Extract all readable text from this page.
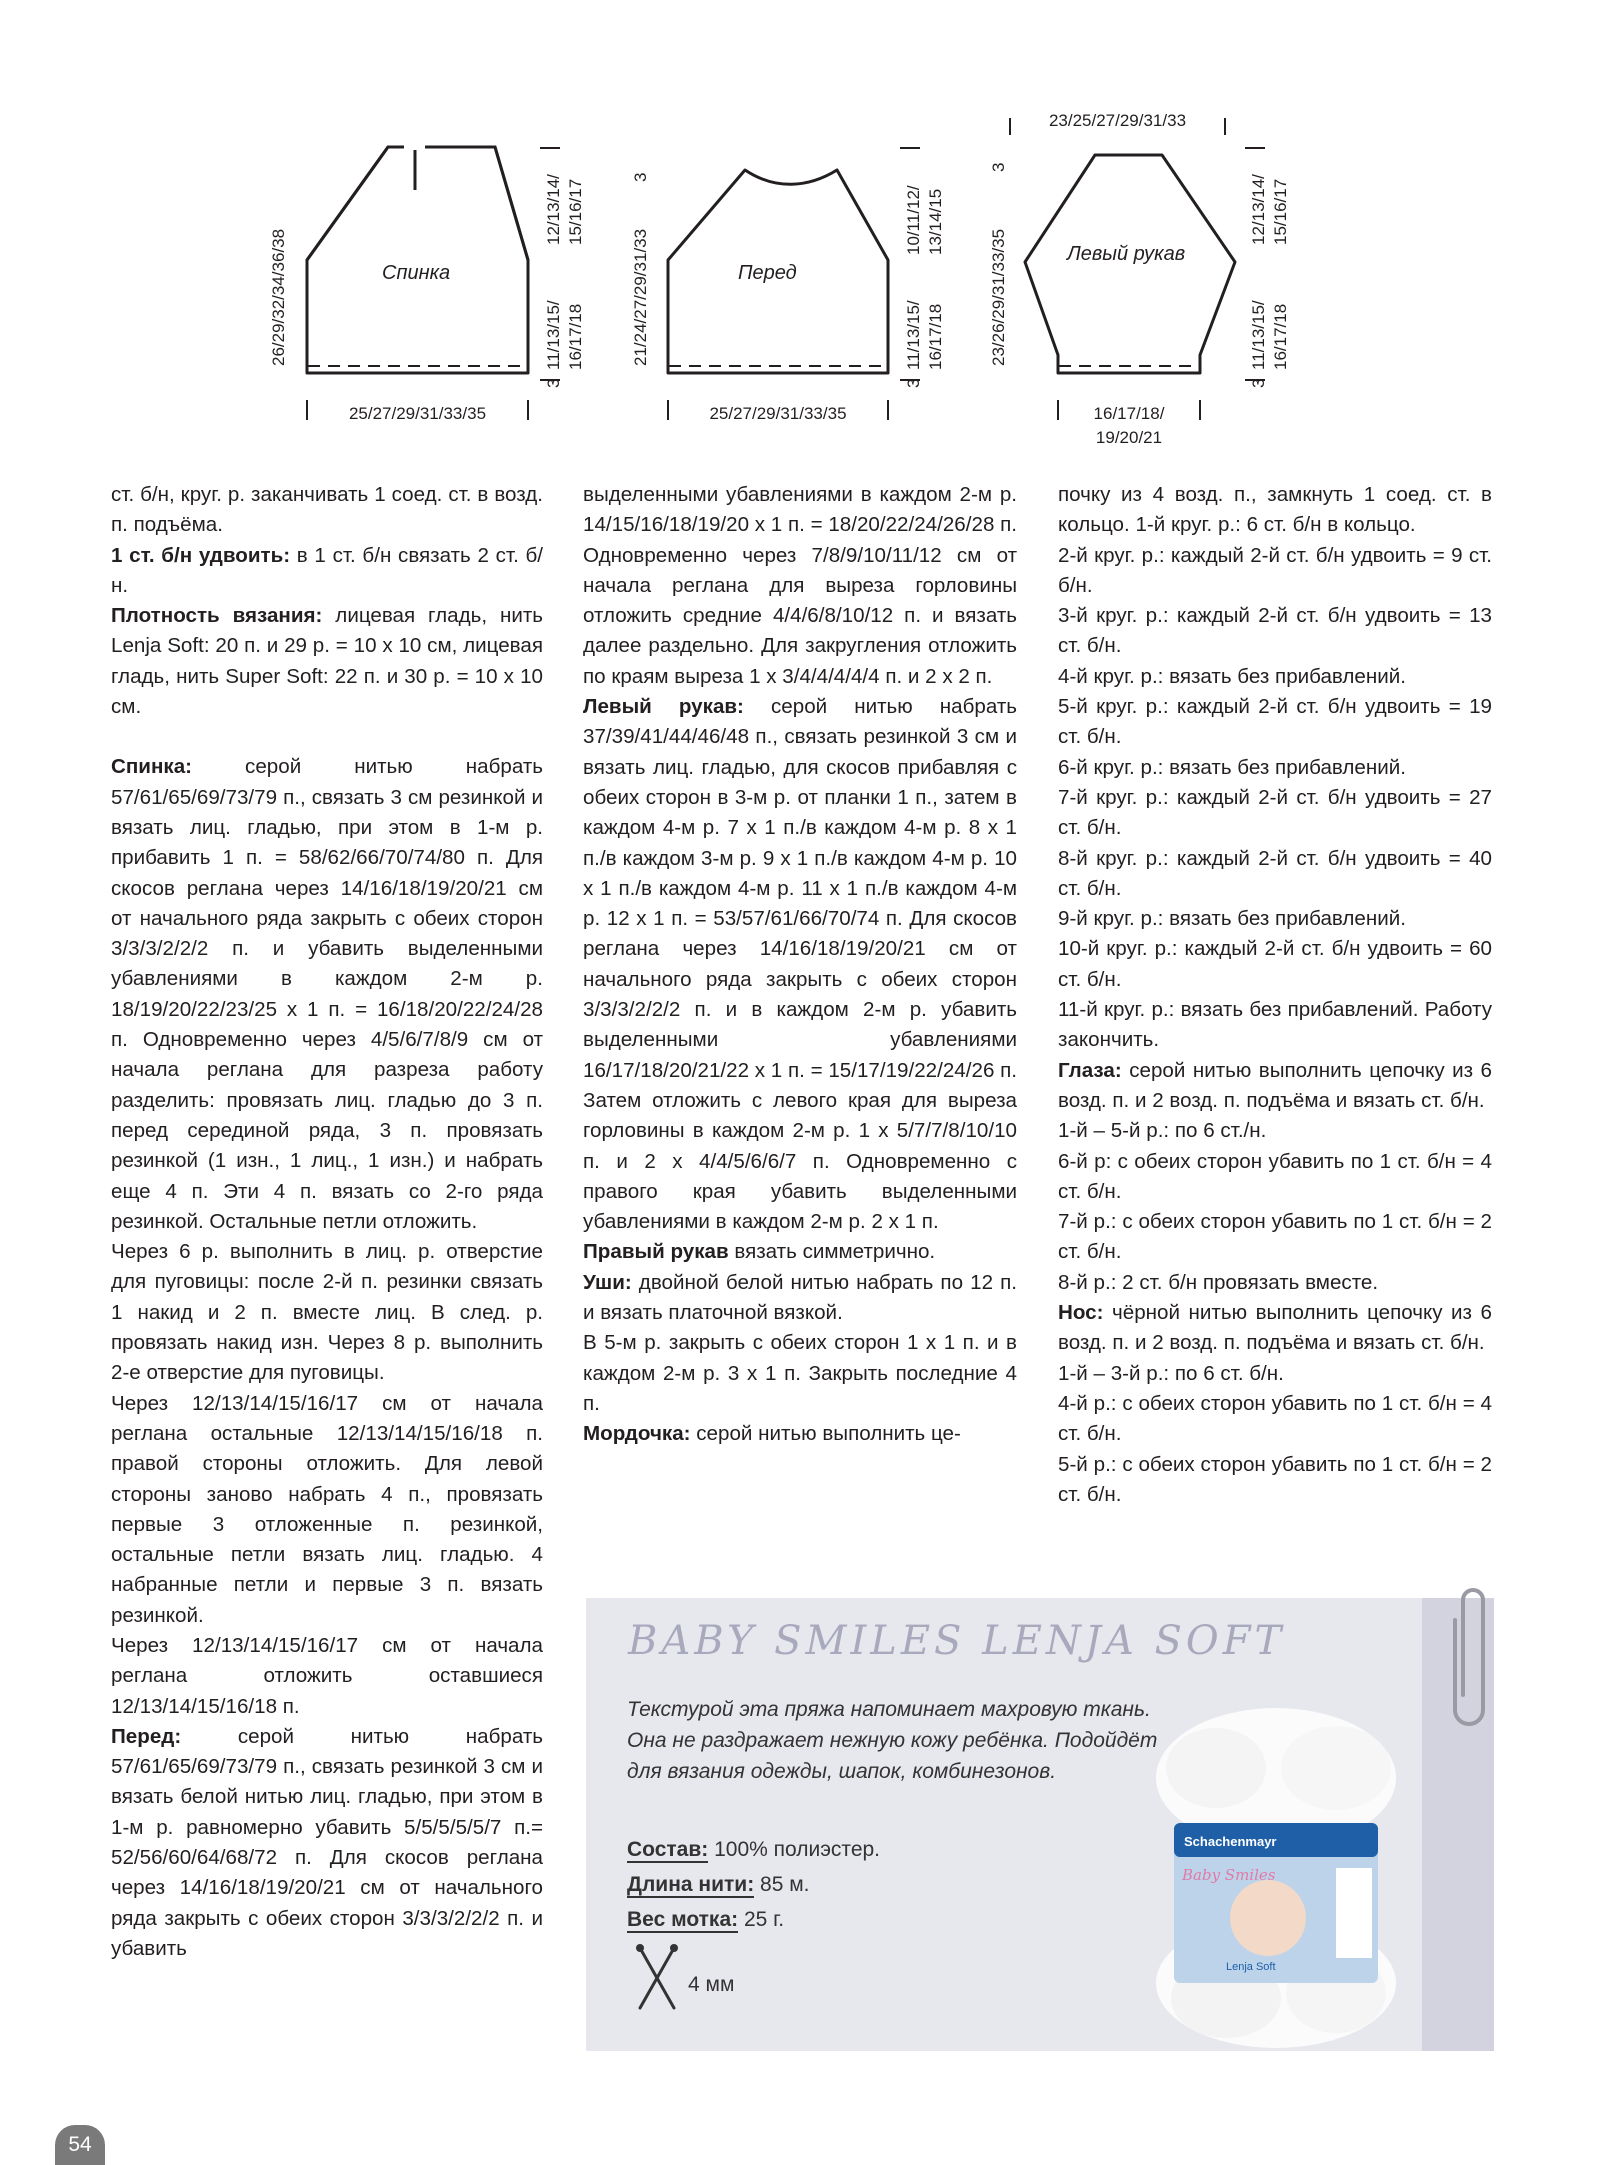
Спинка
26/29/32/34/36/38
12/13/14/ 15/16/17
11/13/15/ 16/17/18
3
25/27/29/31/33/35
Перед
21/24/27/29/31/33
3
10/11/12/ 13/14/15
11/13/15/ 16/17/18
3
25/27/29/31/33/35
Левый рукав
23/25/27/29/31/33
23/26/29/31/33/35
3
12/13/14/ 15/16/17
11/13/15/ 16/17/18
3
16/17/18/
19/20/21

ст. б/н, круг. р. заканчивать 1 соед. ст. в возд. п. подъёма.

1 ст. б/н удвоить: в 1 ст. б/н связать 2 ст. б/н.

Плотность вязания: лицевая гладь, нить Lenja Soft: 20 п. и 29 р. = 10 х 10 см, лицевая гладь, нить Super Soft: 22 п. и 30 р. = 10 х 10 см.

Спинка: серой нитью набрать 57/61/65/69/73/79 п., связать 3 см резинкой и вязать лиц. гладью, при этом в 1-м р. прибавить 1 п. = 58/62/66/70/74/80 п. Для скосов реглана через 14/16/18/19/20/21 см от начального ряда закрыть с обеих сторон 3/3/3/2/2/2 п. и убавить выделенными убавлениями в каждом 2-м р. 18/19/20/22/23/25 х 1 п. = 16/18/20/22/24/28 п. Одновременно через 4/5/6/7/8/9 см от начала реглана для разреза работу разделить: провязать лиц. гладью до 3 п. перед серединой ряда, 3 п. провязать резинкой (1 изн., 1 лиц., 1 изн.) и набрать еще 4 п. Эти 4 п. вязать со 2-го ряда резинкой. Остальные петли отложить.

Через 6 р. выполнить в лиц. р. отверстие для пуговицы: после 2-й п. резинки связать 1 накид и 2 п. вместе лиц. В след. р. провязать накид изн. Через 8 р. выполнить 2-е отверстие для пуговицы.

Через 12/13/14/15/16/17 см от начала реглана остальные 12/13/14/15/16/18 п. правой стороны отложить. Для левой стороны заново набрать 4 п., провязать первые 3 отложенные п. резинкой, остальные петли вязать лиц. гладью. 4 набранные петли и первые 3 п. вязать резинкой.

Через 12/13/14/15/16/17 см от начала реглана отложить оставшиеся 12/13/14/15/16/18 п.

Перед: серой нитью набрать 57/61/65/69/73/79 п., связать резинкой 3 см и вязать белой нитью лиц. гладью, при этом в 1-м р. равномерно убавить 5/5/5/5/5/7 п.= 52/56/60/64/68/72 п. Для скосов реглана через 14/16/18/19/20/21 см от начального ряда закрыть с обеих сторон 3/3/3/2/2/2 п. и убавить

выделенными убавлениями в каждом 2-м р. 14/15/16/18/19/20 х 1 п. = 18/20/22/24/26/28 п. Одновременно через 7/8/9/10/11/12 см от начала реглана для выреза горловины отложить средние 4/4/6/8/10/12 п. и вязать далее раздельно. Для закругления отложить по краям выреза 1 х 3/4/4/4/4/4 п. и 2 х 2 п.

Левый рукав: серой нитью набрать 37/39/41/44/46/48 п., связать резинкой 3 см и вязать лиц. гладью, для скосов прибавляя с обеих сторон в 3-м р. от планки 1 п., затем в каждом 4-м р. 7 х 1 п./в каждом 4-м р. 8 х 1 п./в каждом 3-м р. 9 х 1 п./в каждом 4-м р. 10 х 1 п./в каждом 4-м р. 11 х 1 п./в каждом 4-м р. 12 х 1 п. = 53/57/61/66/70/74 п. Для скосов реглана через 14/16/18/19/20/21 см от начального ряда закрыть с обеих сторон 3/3/3/2/2/2 п. и в каждом 2-м р. убавить выделенными убавлениями 16/17/18/20/21/22 х 1 п. = 15/17/19/22/24/26 п. Затем отложить с левого края для выреза горловины в каждом 2-м р. 1 х 5/7/7/8/10/10 п. и 2 х 4/4/5/6/6/7 п. Одновременно с правого края убавить выделенными убавлениями в каждом 2-м р. 2 х 1 п.

Правый рукав вязать симметрично.

Уши: двойной белой нитью набрать по 12 п. и вязать платочной вязкой.

В 5-м р. закрыть с обеих сторон 1 х 1 п. и в каждом 2-м р. 3 х 1 п. Закрыть последние 4 п.

Мордочка: серой нитью выполнить це-

почку из 4 возд. п., замкнуть 1 соед. ст. в кольцо. 1-й круг. р.: 6 ст. б/н в кольцо.

2-й круг. р.: каждый 2-й ст. б/н удвоить = 9 ст. б/н.

3-й круг. р.: каждый 2-й ст. б/н удвоить = 13 ст. б/н.

4-й круг. р.: вязать без прибавлений.

5-й круг. р.: каждый 2-й ст. б/н удвоить = 19 ст. б/н.

6-й круг. р.: вязать без прибавлений.

7-й круг. р.: каждый 2-й ст. б/н удвоить = 27 ст. б/н.

8-й круг. р.: каждый 2-й ст. б/н удвоить = 40 ст. б/н.

9-й круг. р.: вязать без прибавлений.

10-й круг. р.: каждый 2-й ст. б/н удвоить = 60 ст. б/н.

11-й круг. р.: вязать без прибавлений. Работу закончить.

Глаза: серой нитью выполнить цепочку из 6 возд. п. и 2 возд. п. подъёма и вязать ст. б/н.

1-й – 5-й р.: по 6 ст./н.

6-й р: с обеих сторон убавить по 1 ст. б/н = 4 ст. б/н.

7-й р.: с обеих сторон убавить по 1 ст. б/н = 2 ст. б/н.

8-й р.: 2 ст. б/н провязать вместе.

Нос: чёрной нитью выполнить цепочку из 6 возд. п. и 2 возд. п. подъёма и вязать ст. б/н.

1-й – 3-й р.: по 6 ст. б/н.

4-й р.: с обеих сторон убавить по 1 ст. б/н = 4 ст. б/н.

5-й р.: с обеих сторон убавить по 1 ст. б/н = 2 ст. б/н.

BABY SMILES LENJA SOFT
Текстурой эта пряжа напоминает махровую ткань. Она не раздражает нежную кожу ребёнка. Подойдёт для вязания одежды, шапок, комбинезонов.
Состав: 100% полиэстер.
Длина нити: 85 м.
Вес мотка: 25 г.
4 мм
Schachenmayr
Baby Smiles
Lenja Soft
54
